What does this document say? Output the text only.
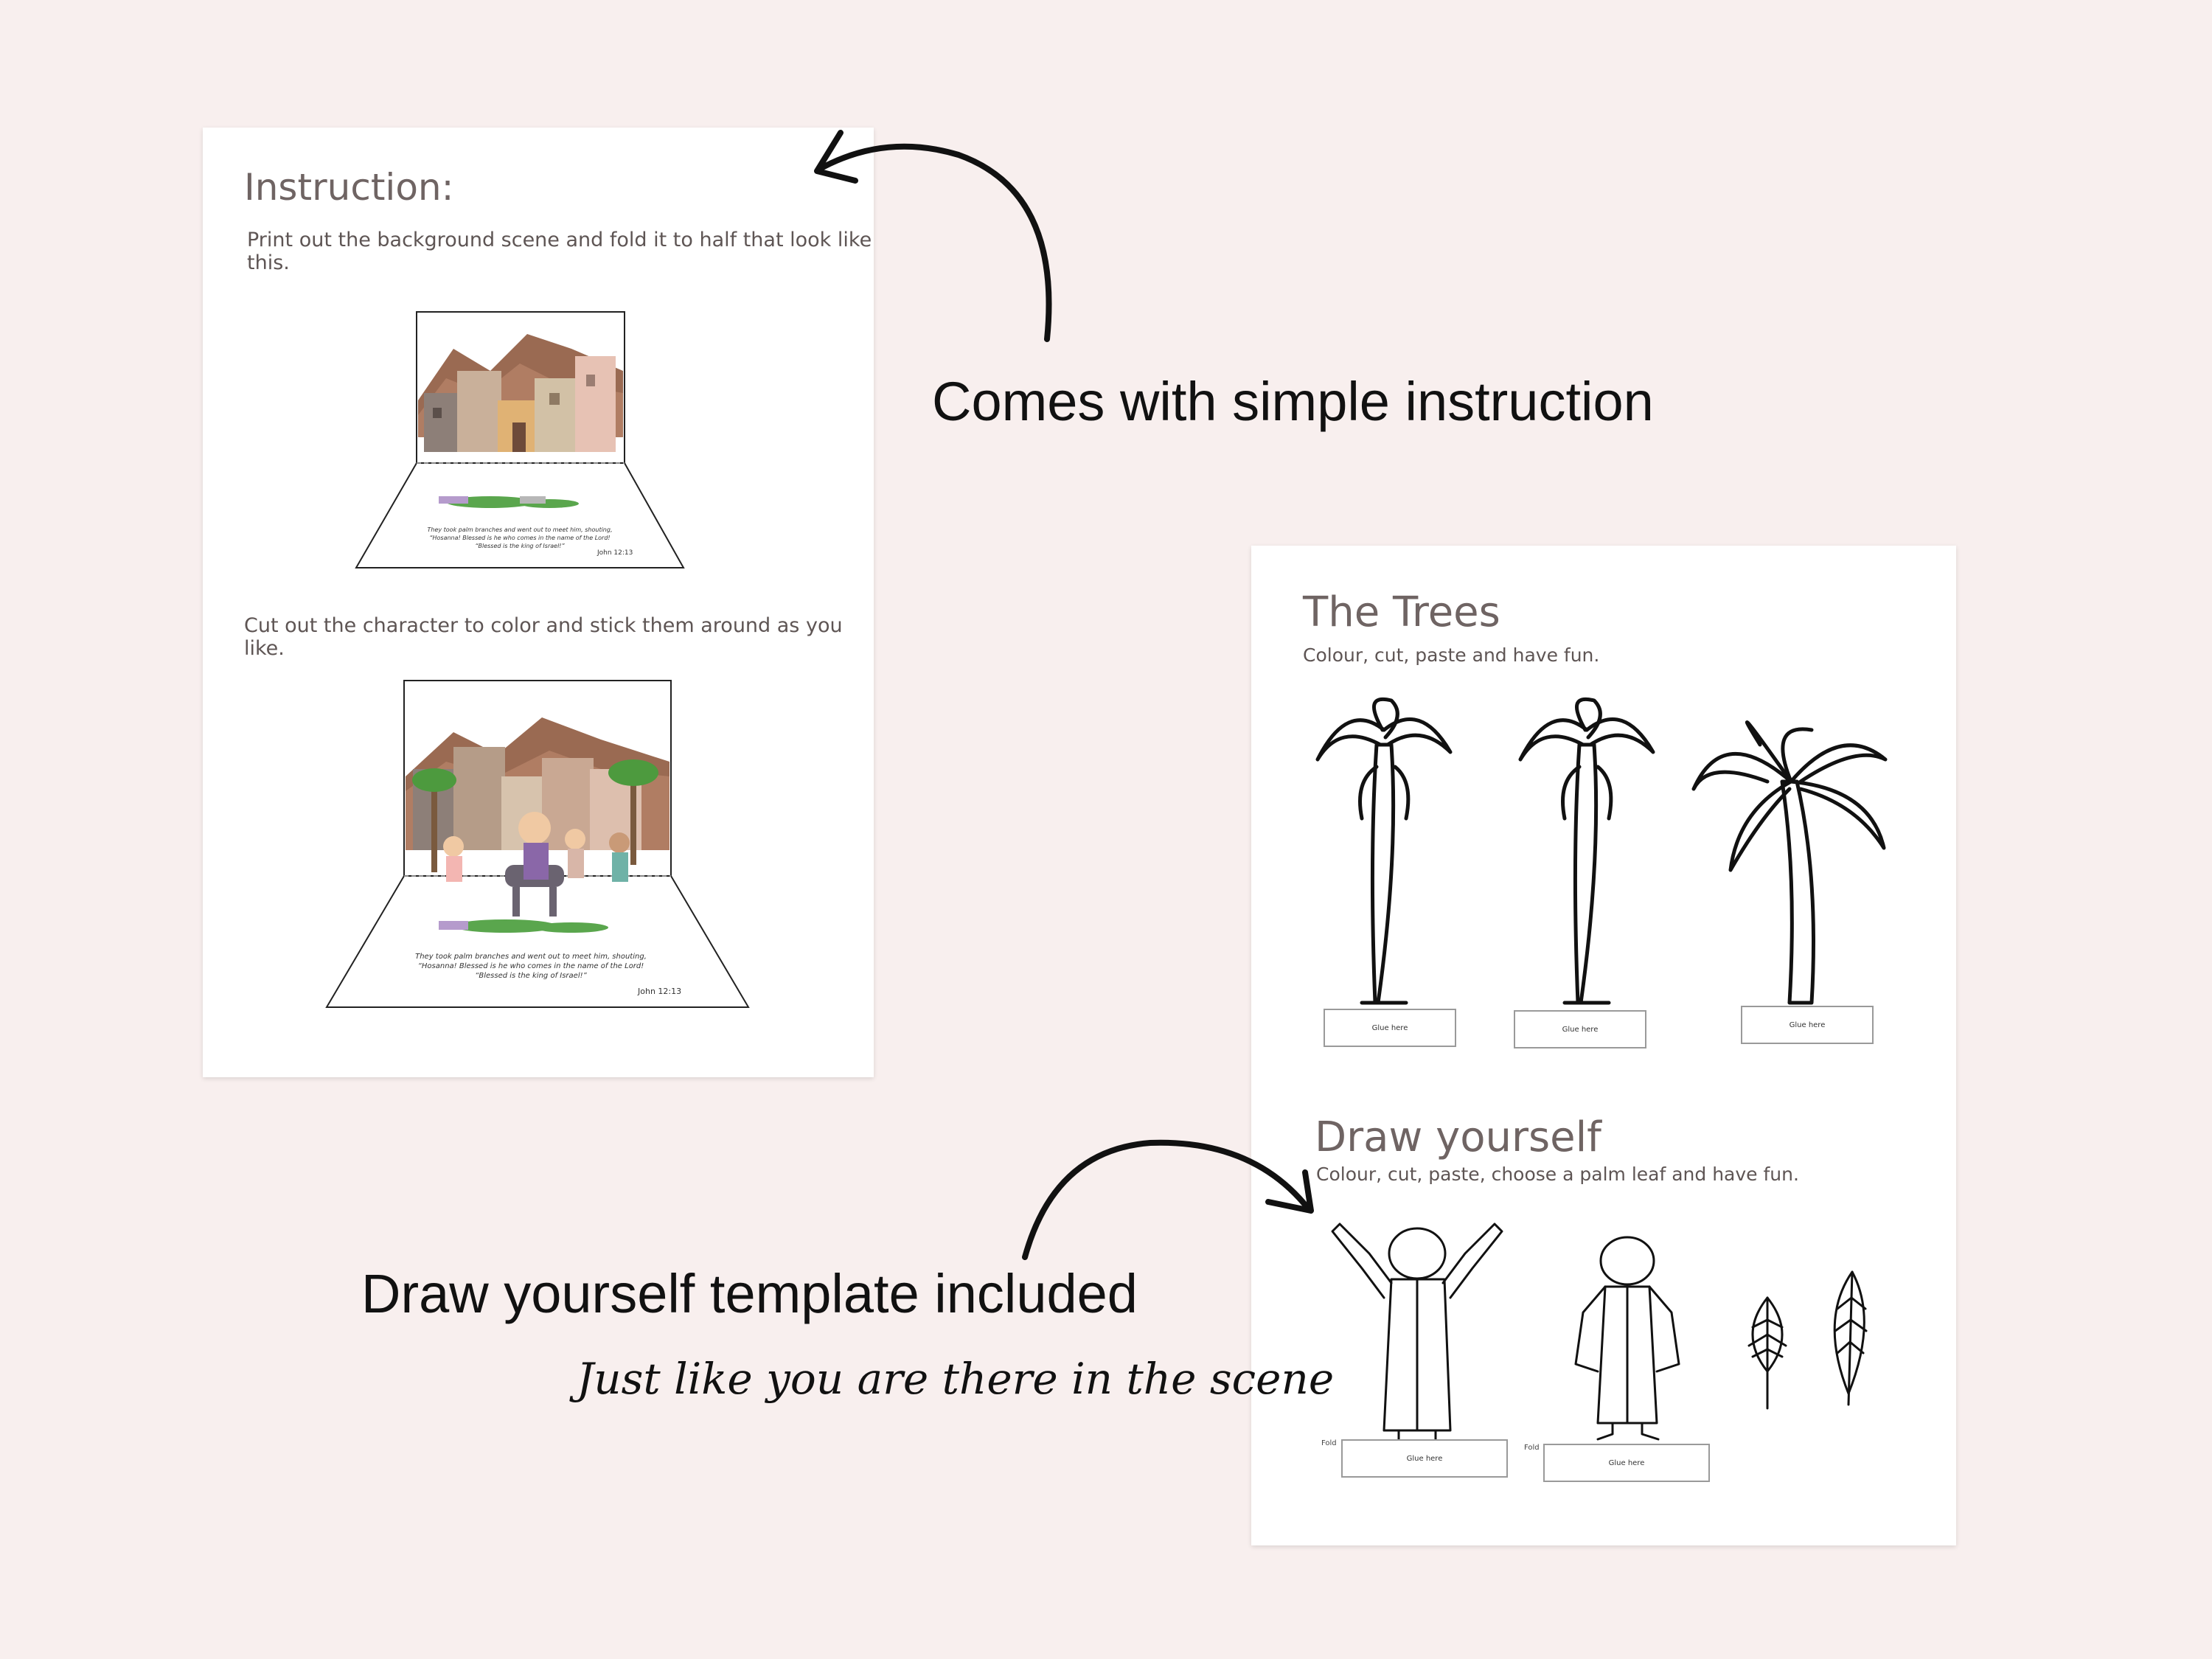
Instruction:
Print out the background scene and fold it to half that look like this.
They took palm branches and went out to meet him, shouting,
“Hosanna! Blessed is he who comes in the name of the Lord!
“Blessed is the king of Israel!”
John 12:13
Cut out the character to color and stick them around as you like.
They took palm branches and went out to meet him, shouting,
“Hosanna! Blessed is he who comes in the name of the Lord!
“Blessed is the king of Israel!”
John 12:13
The Trees
Colour, cut, paste and have fun.
Glue here	Glue here
Glue here
Draw yourself
Colour, cut, paste, choose a palm leaf and have fun.
Fold
Glue here
Fold
Glue here
Comes with simple instruction
Draw yourself template included
Just like you are there in the scene
